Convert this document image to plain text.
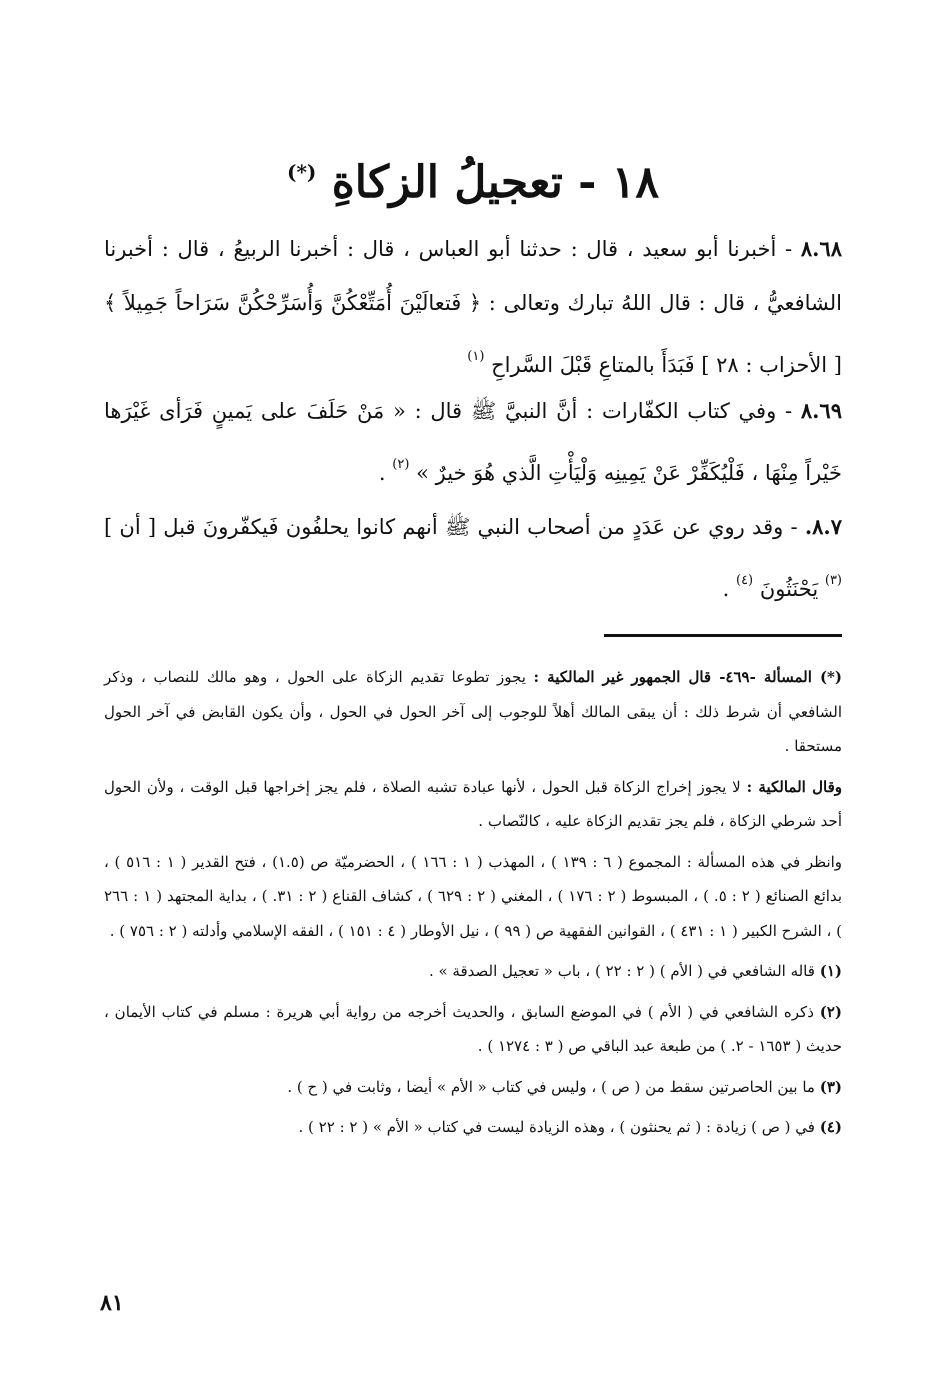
١٨ - تعجيلُ الزكاةِ (*)
٨.٦٨ - أخبرنا أبو سعيد ، قال : حدثنا أبو العباس ، قال : أخبرنا الربيعُ ، قال : أخبرنا الشافعيُّ ، قال : قال اللهُ تبارك وتعالى : ﴿ فَتعالَيْنَ أُمَتِّعْكُنَّ وَأُسَرِّحْكُنَّ سَرَاحاً جَمِيلاً ﴾ [ الأحزاب : ٢٨ ] فَبَدَأَ بالمتاعِ قَبْلَ السَّراحِ $^{(١)}$
٨.٦٩ - وفي كتاب الكفّارات : أنَّ النبيَّ ﷺ قال : « مَنْ حَلَفَ على يَمينٍ فَرَأى غَيْرَها خَيْراً مِنْهَا ، فَلْيُكَفِّرْ عَنْ يَمِينِه وَلْيَأْتِ الَّذي هُوَ خيرٌ » $^{(٢)}$ .
٨.٧. - وقد روي عن عَدَدٍ من أصحاب النبي ﷺ أنهم كانوا يحلفُون فَيكفّرونَ قبل [ أن ] $^{(٣)}$ يَحْنَثُونَ $^{(٤)}$ .

(*) المسألة -٤٦٩- قال الجمهور غير المالكية : يجوز تطوعا تقديم الزكاة على الحول ، وهو مالك للنصاب ، وذكر الشافعي أن شرط ذلك : أن يبقى المالك أهلاً للوجوب إلى آخر الحول في الحول ، وأن يكون القابض في آخر الحول مستحقا .

وقال المالكية : لا يجوز إخراج الزكاة قبل الحول ، لأنها عبادة تشبه الصلاة ، فلم يجز إخراجها قبل الوقت ، ولأن الحول أحد شرطي الزكاة ، فلم يجز تقديم الزكاة عليه ، كالنّصاب .

وانظر في هذه المسألة : المجموع ( ٦ : ١٣٩ ) ، المهذب ( ١ : ١٦٦ ) ، الحضرميّة ص (١.٥) ، فتح القدير ( ١ : ٥١٦ ) ، بدائع الصنائع ( ٢ : ٥. ) ، المبسوط ( ٢ : ١٧٦ ) ، المغني ( ٢ : ٦٢٩ ) ، كشاف القناع ( ٢ : ٣١. ) ، بداية المجتهد ( ١ : ٢٦٦ ) ، الشرح الكبير ( ١ : ٤٣١ ) ، القوانين الفقهية ص ( ٩٩ ) ، نيل الأوطار ( ٤ : ١٥١ ) ، الفقه الإسلامي وأدلته ( ٢ : ٧٥٦ ) .

(١) قاله الشافعي في ( الأم ) ( ٢ : ٢٢ ) ، باب « تعجيل الصدقة » .

(٢) ذكره الشافعي في ( الأم ) في الموضع السابق ، والحديث أخرجه من رواية أبي هريرة : مسلم في كتاب الأيمان ، حديث ( ١٦٥٣ - ٢. ) من طبعة عبد الباقي ص ( ٣ : ١٢٧٤ ) .

(٣) ما بين الحاصرتين سقط من ( ص ) ، وليس في كتاب « الأم » أيضا ، وثابت في ( ح ) .

(٤) في ( ص ) زيادة : ( ثم يحنثون ) ، وهذه الزيادة ليست في كتاب « الأم » ( ٢ : ٢٢ ) .

٨١
